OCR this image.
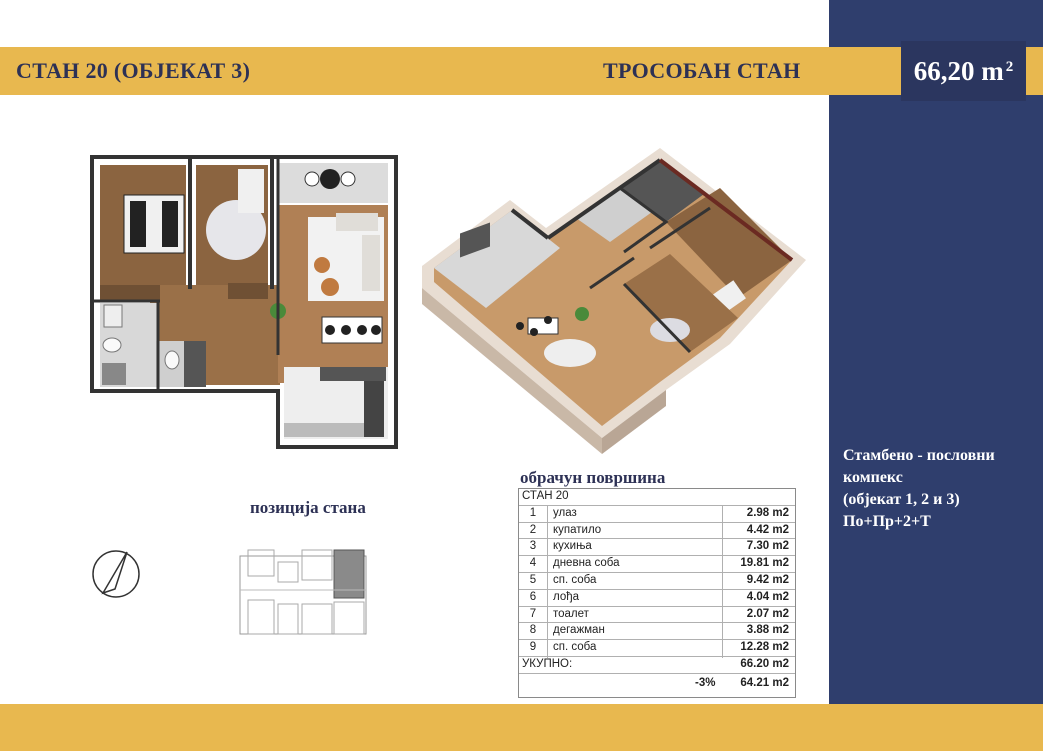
СТАН 20 (ОБЈЕКАТ 3)	ТРОСОБАН СТАН	66,20 $m^2$
Стамбено - пословни
компекс
(објекат 1, 2 и 3)
По+Пр+2+Т
позиција стана
обрачун површина
СТАН 20
1	улаз	2.98 m2
2	купатило	4.42 m2
3	кухиња	7.30 m2
4	дневна соба	19.81 m2
5	сп. соба	9.42 m2
6	лођа	4.04 m2
7	тоалет	2.07 m2
8	дегажман	3.88 m2
9	сп. соба	12.28 m2
УКУПНО:	66.20 m2
-3% 64.21 m2
